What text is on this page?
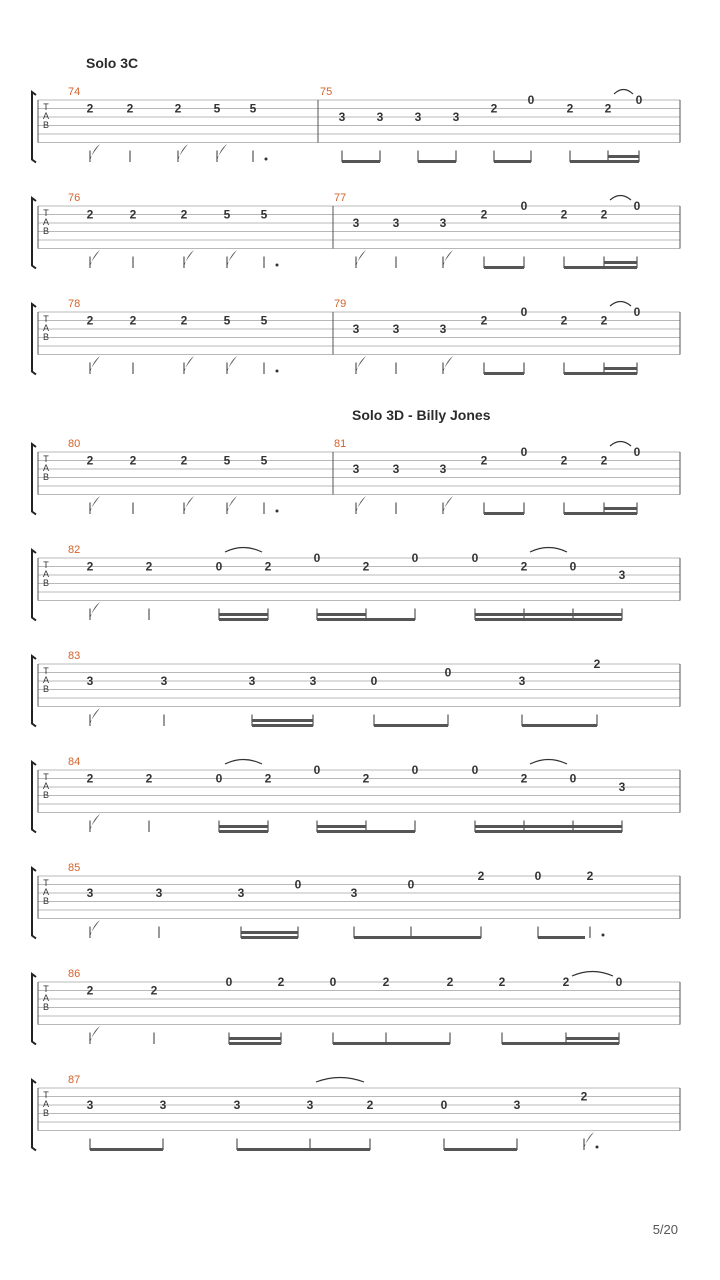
Solo 3C
Solo 3D - Billy Jones
T
A
B
74	75
2	2	2	5 5
3	3	3	3
2
0
2	2
0
T
A
B
76	77
2	2	2	5	5
3	3	3
2
0
2	2
0
T
A
B
78	79
2	2	2	5	5
3	3	3
2
0
2	2
0
T
A
B
80	81
2	2	2	5	5
3	3	3
2
0
2	2
0
T
A
B
82
2	2	0	2
0
2
0	0
2	0
3
T
A
B
83
3	3	3	3	0
0
3
2
T
A
B
84
2	2	0	2
0
2
0	0
2	0
3
T
A
B
85
3	3	3
0
3
0
2	0	2
T
A
B
86
2	2
0	2	0	2	2	2	2	0
T
A
B
87
3	3	3	3	2	0	3
2
5/20
